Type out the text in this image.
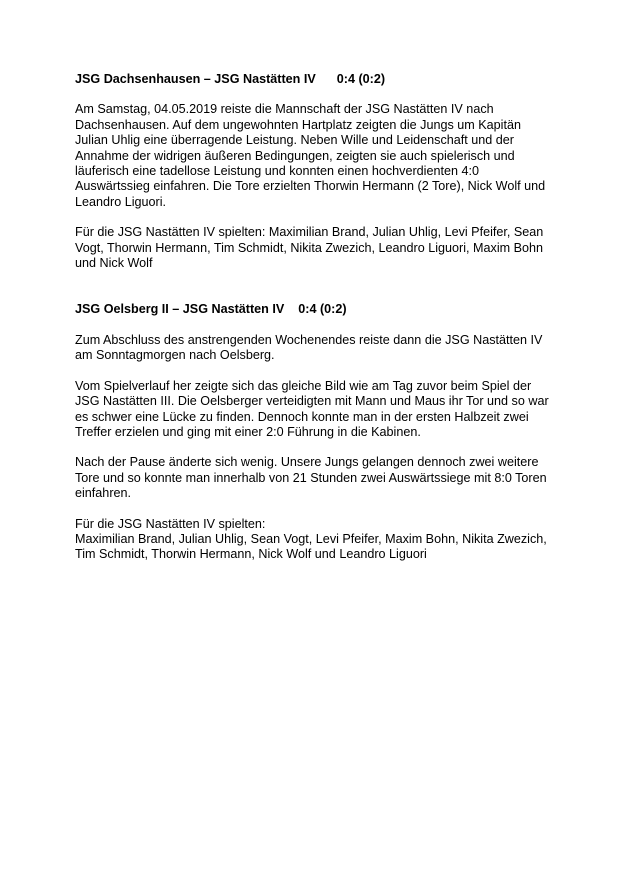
JSG Dachsenhausen – JSG Nastätten IV      0:4 (0:2)
Am Samstag, 04.05.2019 reiste die Mannschaft der JSG Nastätten IV nach
Dachsenhausen. Auf dem ungewohnten Hartplatz zeigten die Jungs um Kapitän
Julian Uhlig eine überragende Leistung. Neben Wille und Leidenschaft und der
Annahme der widrigen äußeren Bedingungen, zeigten sie auch spielerisch und
läuferisch eine tadellose Leistung und konnten einen hochverdienten 4:0
Auswärtssieg einfahren. Die Tore erzielten Thorwin Hermann (2 Tore), Nick Wolf und
Leandro Liguori.
Für die JSG Nastätten IV spielten: Maximilian Brand, Julian Uhlig, Levi Pfeifer, Sean
Vogt, Thorwin Hermann, Tim Schmidt, Nikita Zwezich, Leandro Liguori, Maxim Bohn
und Nick Wolf
JSG Oelsberg II – JSG Nastätten IV    0:4 (0:2)
Zum Abschluss des anstrengenden Wochenendes reiste dann die JSG Nastätten IV
am Sonntagmorgen nach Oelsberg.
Vom Spielverlauf her zeigte sich das gleiche Bild wie am Tag zuvor beim Spiel der
JSG Nastätten III. Die Oelsberger verteidigten mit Mann und Maus ihr Tor und so war
es schwer eine Lücke zu finden. Dennoch konnte man in der ersten Halbzeit zwei
Treffer erzielen und ging mit einer 2:0 Führung in die Kabinen.
Nach der Pause änderte sich wenig. Unsere Jungs gelangen dennoch zwei weitere
Tore und so konnte man innerhalb von 21 Stunden zwei Auswärtssiege mit 8:0 Toren
einfahren.
Für die JSG Nastätten IV spielten:
Maximilian Brand, Julian Uhlig, Sean Vogt, Levi Pfeifer, Maxim Bohn, Nikita Zwezich,
Tim Schmidt, Thorwin Hermann, Nick Wolf und Leandro Liguori
